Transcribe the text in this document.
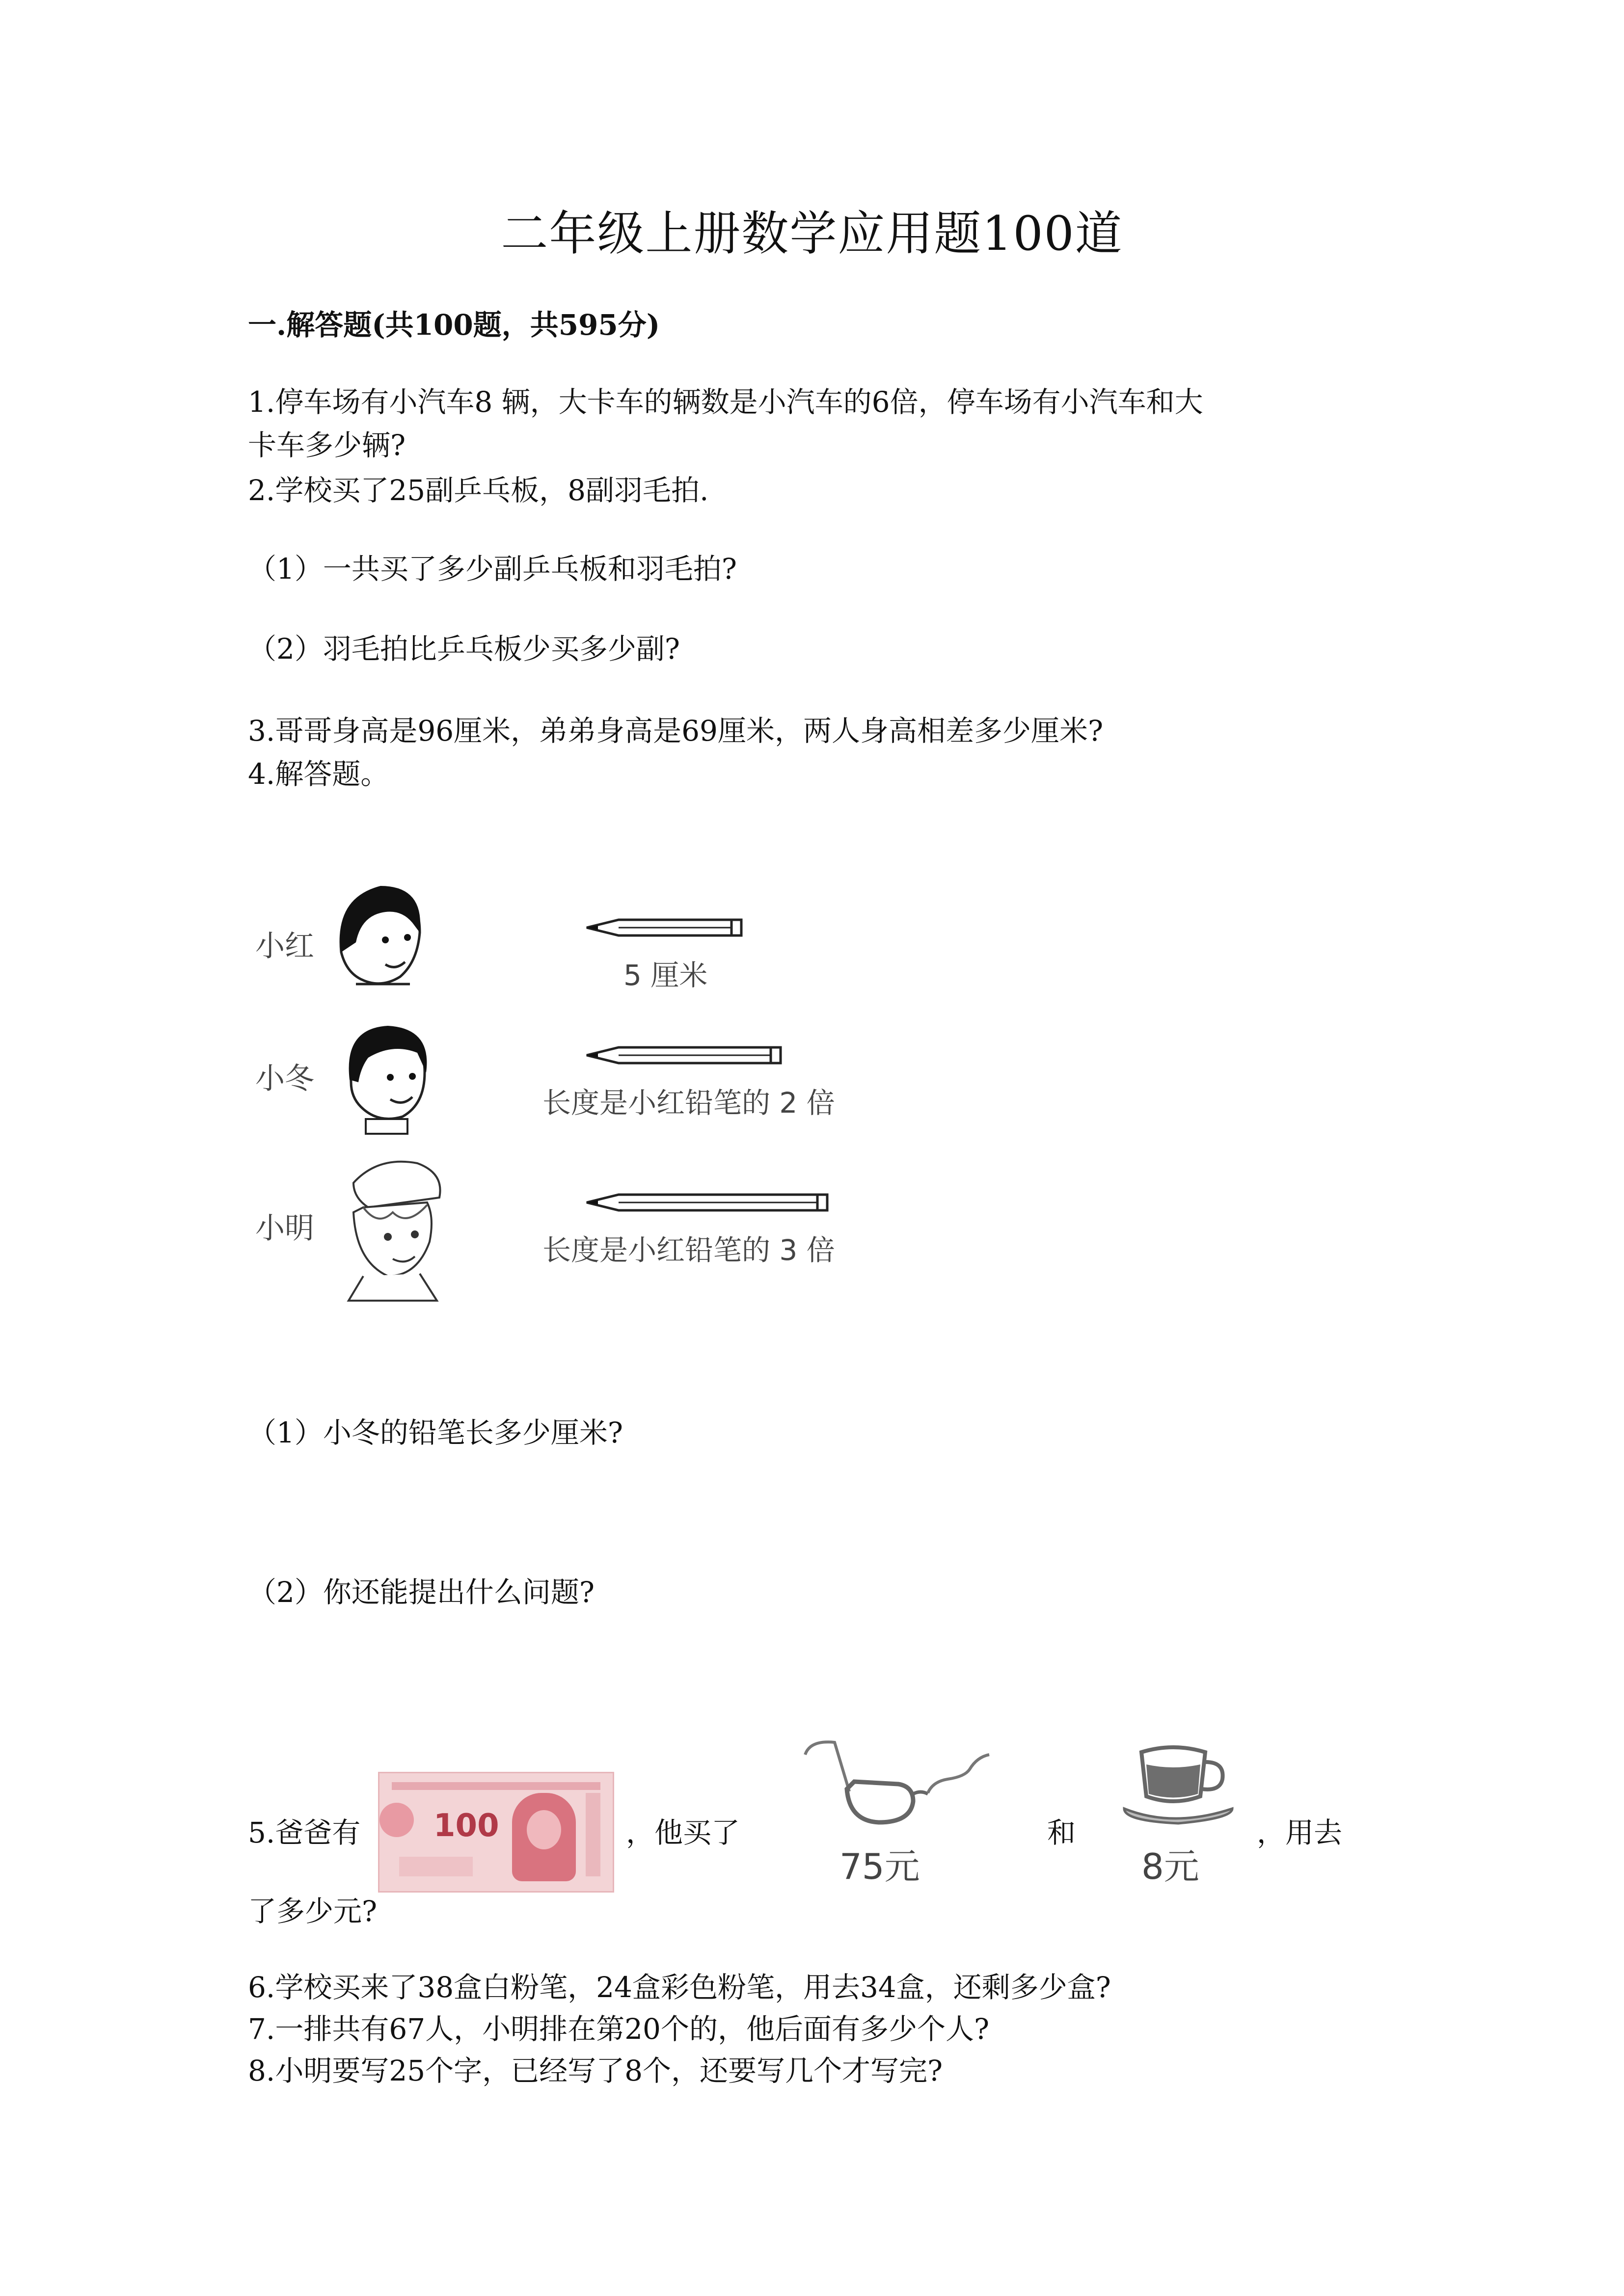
二年级上册数学应用题100道
一.解答题(共100题，共595分)
1.停车场有小汽车8 辆，大卡车的辆数是小汽车的6倍，停车场有小汽车和大
卡车多少辆?
2.学校买了25副乒乓板，8副羽毛拍.
（1）一共买了多少副乒乓板和羽毛拍?
（2）羽毛拍比乒乓板少买多少副?
3.哥哥身高是96厘米，弟弟身高是69厘米，两人身高相差多少厘米?
4.解答题。
小红
5 厘米
小冬
长度是小红铅笔的 2 倍
小明
长度是小红铅笔的 3 倍
（1）小冬的铅笔长多少厘米?
（2）你还能提出什么问题?
5.爸爸有 100	，他买了
75元
和
8元
，用去
了多少元?
6.学校买来了38盒白粉笔，24盒彩色粉笔，用去34盒，还剩多少盒?
7.一排共有67人，小明排在第20个的，他后面有多少个人?
8.小明要写25个字，已经写了8个，还要写几个才写完?
